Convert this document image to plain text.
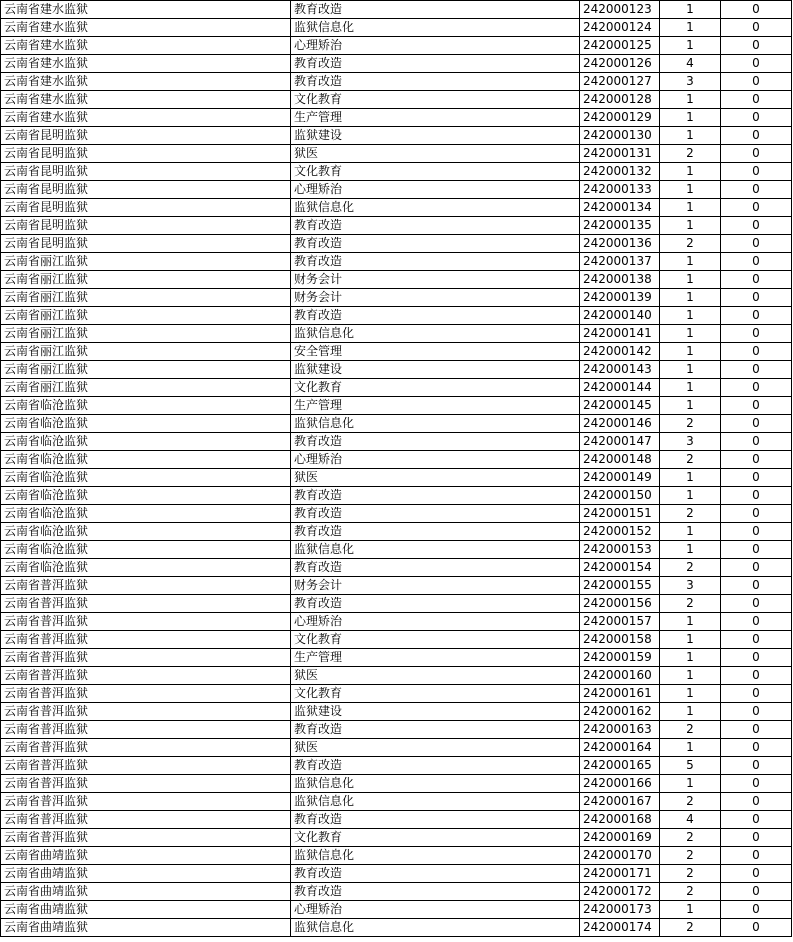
云南省建水监狱	教育改造	242000123	1	0
云南省建水监狱	监狱信息化	242000124	1	0
云南省建水监狱	心理矫治	242000125	1	0
云南省建水监狱	教育改造	242000126	4	0
云南省建水监狱	教育改造	242000127	3	0
云南省建水监狱	文化教育	242000128	1	0
云南省建水监狱	生产管理	242000129	1	0
云南省昆明监狱	监狱建设	242000130	1	0
云南省昆明监狱	狱医	242000131	2	0
云南省昆明监狱	文化教育	242000132	1	0
云南省昆明监狱	心理矫治	242000133	1	0
云南省昆明监狱	监狱信息化	242000134	1	0
云南省昆明监狱	教育改造	242000135	1	0
云南省昆明监狱	教育改造	242000136	2	0
云南省丽江监狱	教育改造	242000137	1	0
云南省丽江监狱	财务会计	242000138	1	0
云南省丽江监狱	财务会计	242000139	1	0
云南省丽江监狱	教育改造	242000140	1	0
云南省丽江监狱	监狱信息化	242000141	1	0
云南省丽江监狱	安全管理	242000142	1	0
云南省丽江监狱	监狱建设	242000143	1	0
云南省丽江监狱	文化教育	242000144	1	0
云南省临沧监狱	生产管理	242000145	1	0
云南省临沧监狱	监狱信息化	242000146	2	0
云南省临沧监狱	教育改造	242000147	3	0
云南省临沧监狱	心理矫治	242000148	2	0
云南省临沧监狱	狱医	242000149	1	0
云南省临沧监狱	教育改造	242000150	1	0
云南省临沧监狱	教育改造	242000151	2	0
云南省临沧监狱	教育改造	242000152	1	0
云南省临沧监狱	监狱信息化	242000153	1	0
云南省临沧监狱	教育改造	242000154	2	0
云南省普洱监狱	财务会计	242000155	3	0
云南省普洱监狱	教育改造	242000156	2	0
云南省普洱监狱	心理矫治	242000157	1	0
云南省普洱监狱	文化教育	242000158	1	0
云南省普洱监狱	生产管理	242000159	1	0
云南省普洱监狱	狱医	242000160	1	0
云南省普洱监狱	文化教育	242000161	1	0
云南省普洱监狱	监狱建设	242000162	1	0
云南省普洱监狱	教育改造	242000163	2	0
云南省普洱监狱	狱医	242000164	1	0
云南省普洱监狱	教育改造	242000165	5	0
云南省普洱监狱	监狱信息化	242000166	1	0
云南省普洱监狱	监狱信息化	242000167	2	0
云南省普洱监狱	教育改造	242000168	4	0
云南省普洱监狱	文化教育	242000169	2	0
云南省曲靖监狱	监狱信息化	242000170	2	0
云南省曲靖监狱	教育改造	242000171	2	0
云南省曲靖监狱	教育改造	242000172	2	0
云南省曲靖监狱	心理矫治	242000173	1	0
云南省曲靖监狱	监狱信息化	242000174	2	0
